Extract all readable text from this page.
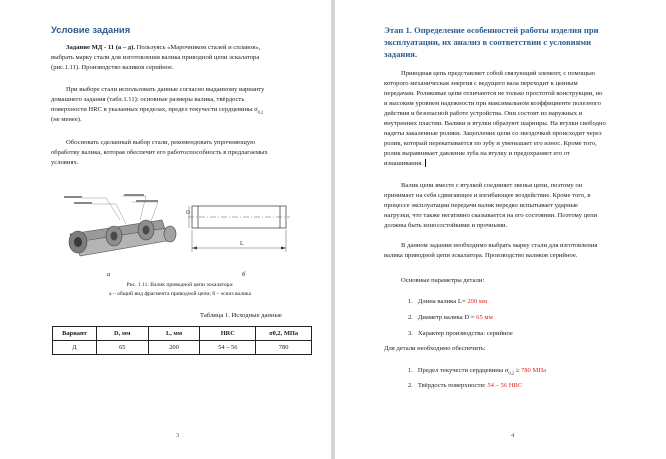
Условие задания
Задание МД - 11 (а – д). Пользуясь «Марочником сталей и сплавов»,
выбрать марку стали для изготовления валика приводной цепи эскалатора
(рис.1.11). Производство валиков серийное.
При выборе стали использовать данные согласно выданному варианту
домашнего задания (табл.1.11): основные размеры валика, твёрдость
поверхности HRC в указанных пределах, предел текучести сердцевины $\sigma_{0,2}$
(не менее).
Обосновать сделанный выбор стали, рекомендовать упрочняющую
обработку валика, которая обеспечит его работоспособность в предлагаемых
условиях.
D
L
а	б
Рис. 1.11. Валик приводной цепи эскалатора:
а – общий вид фрагмента приводной цепи; б – эскиз валика
Таблица 1. Исходные данные
Вариант	D, мм	L, мм	HRC	σ0,2, МПа
Д	65	200	54 – 56	780
3
Этап 1. Определение особенностей работы изделия при
эксплуатации, их анализ в соответствии с условиями
задания.
Приводная цепь представляет собой связующий элемент, с помощью
которого механическая энергия с ведущего вала переходит к ценным
передачам. Роликовые цепи отличаются не только простотой конструкции, но
и высоким уровнем надежности при максимальном коэффициенте полезного
действия и безопасной работе устройства. Они состоят из наружных и
внутренних пластин. Валики и втулки образуют шарниры. На втулки свободно
надеты закаленные ролики. Зацепление цепи со звездочкой происходит через
ролик, который перекатывается по зубу и уменьшает его износ. Кроме того,
ролик выравнивает давление зуба на втулку и предохраняет его от
изнашивания.
Валик цепи вместе с втулкой соединяет звенья цепи, поэтому он
принимает на себя сдвигающее и изгибающее воздействие. Кроме того, в
процессе эксплуатации передачи валик нередко испытывает ударные
нагрузки, что также негативно сказывается на его состоянии. Поэтому цепи
должны быть износостойкими и прочными.
В данном задании необходимо выбрать марку стали для изготовления
валика приводной цепи эскалатора. Производство валиков серийное.
Основные параметры детали:
1. Длина валика L= 200 мм
2. Диаметр валика D = 65 мм
3. Характер производства: серийное
Для детали необходимо обеспечить:
1. Предел текучести сердцевины $\sigma_{0,2} \ge 780$ МПа
2. Твёрдость поверхности: 54 – 56 HRC
4
